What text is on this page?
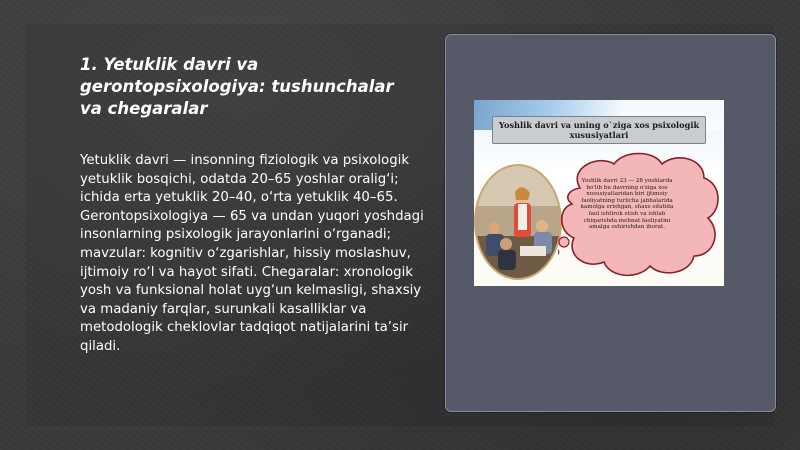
1. Yetuklik davri va gerontopsixologiya: tushunchalar va chegaralar

Yetuklik davri — insonning fiziologik va psixologik yetuklik bosqichi, odatda 20–65 yoshlar oralig‘i; ichida erta yetuklik 20–40, o‘rta yetuklik 40–65. Gerontopsixologiya — 65 va undan yuqori yoshdagi insonlarning psixologik jarayonlarini o‘rganadi; mavzular: kognitiv o‘zgarishlar, hissiy moslashuv, ijtimoiy ro‘l va hayot sifati. Chegaralar: xronologik yosh va funksional holat uyg‘un kelmasligi, shaxsiy va madaniy farqlar, surunkali kasalliklar va metodologik cheklovlar tadqiqot natijalarini ta’sir qiladi.

Yoshlik davri va uning o`ziga xos psixologik xususiyatlari

Yoshlik davri 23 — 28 yoshlarda bo'lib bu davrning o'ziga xos xususiyatlaridan biri ijtimoiy faoliyatning turlicha jabhalarida kamolga erishgan, shaxs sifatida faol ishtirok etish va ishlab chiqarishda mehnat faoliyatini amalga oshirishdan iborat.
